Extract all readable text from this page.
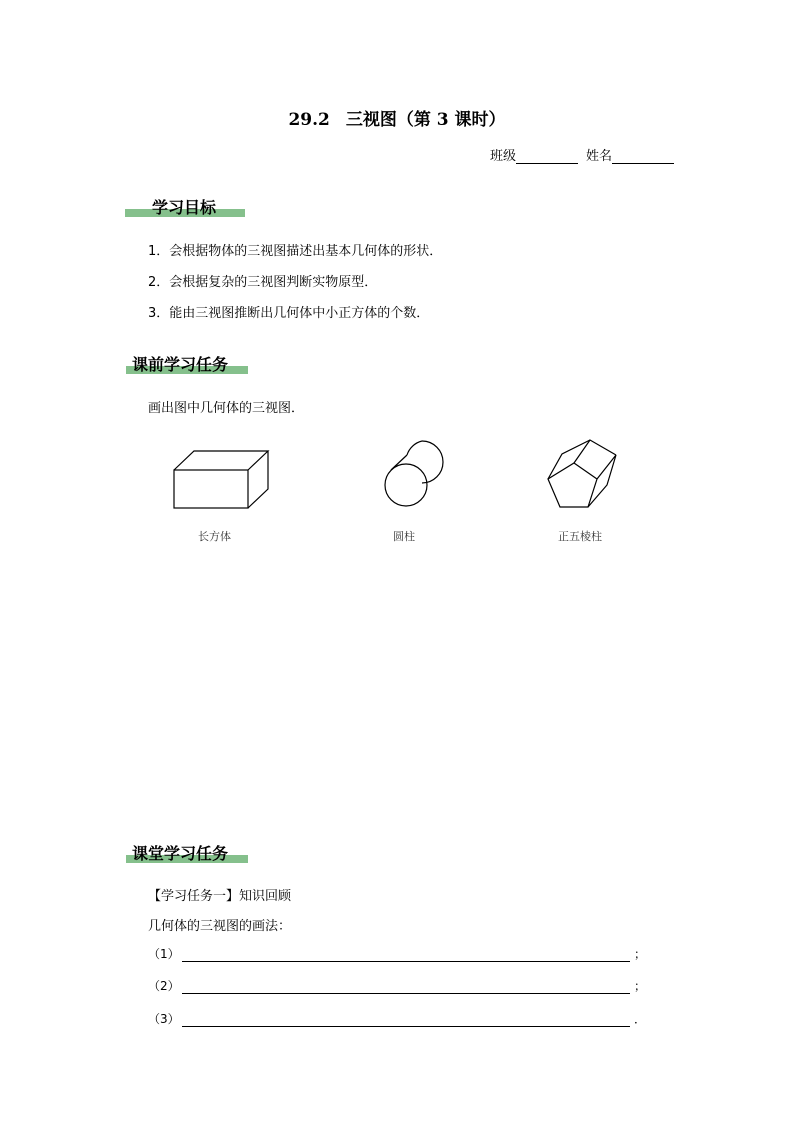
29.2 三视图（第 3 课时）
班级	姓名
学习目标
1．会根据物体的三视图描述出基本几何体的形状．
2．会根据复杂的三视图判断实物原型．
3．能由三视图推断出几何体中小正方体的个数．
课前学习任务
画出图中几何体的三视图．
长方体	圆柱	正五棱柱
课堂学习任务
【学习任务一】知识回顾
几何体的三视图的画法：
（1）	；
（2）	；
（3）	．
